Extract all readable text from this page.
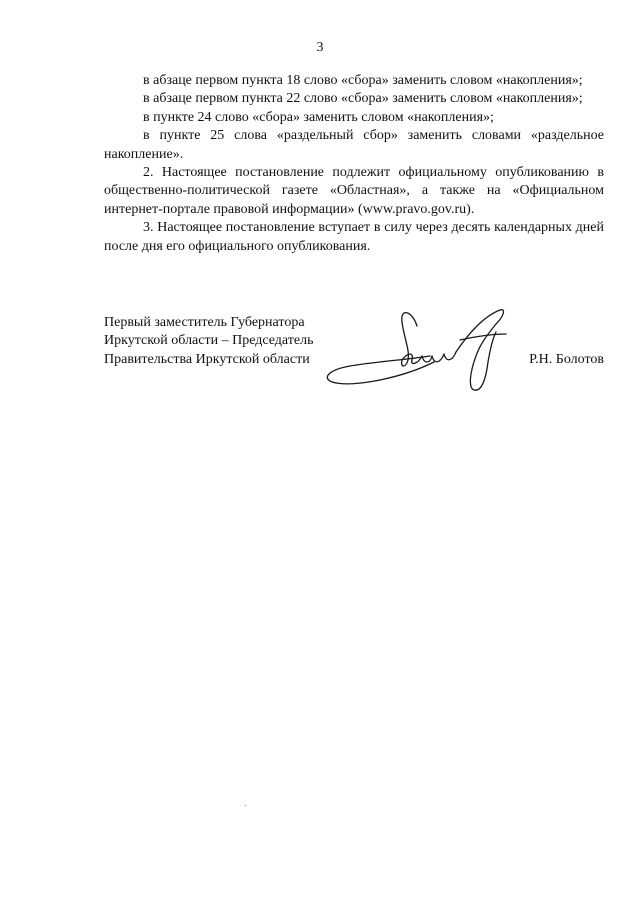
3

в абзаце первом пункта 18 слово «сбора» заменить словом «накопления»;

в абзаце первом пункта 22 слово «сбора» заменить словом «накопления»;

в пункте 24 слово «сбора» заменить словом «накопления»;

в пункте 25 слова «раздельный сбор» заменить словами «раздельное накопление».

2. Настоящее постановление подлежит официальному опубликованию в общественно-политической газете «Областная», а также на «Официальном интернет-портале правовой информации» (www.pravo.gov.ru).

3. Настоящее постановление вступает в силу через десять календарных дней после дня его официального опубликования.

Первый заместитель Губернатора
Иркутской области – Председатель
Правительства Иркутской области	Р.Н. Болотов
